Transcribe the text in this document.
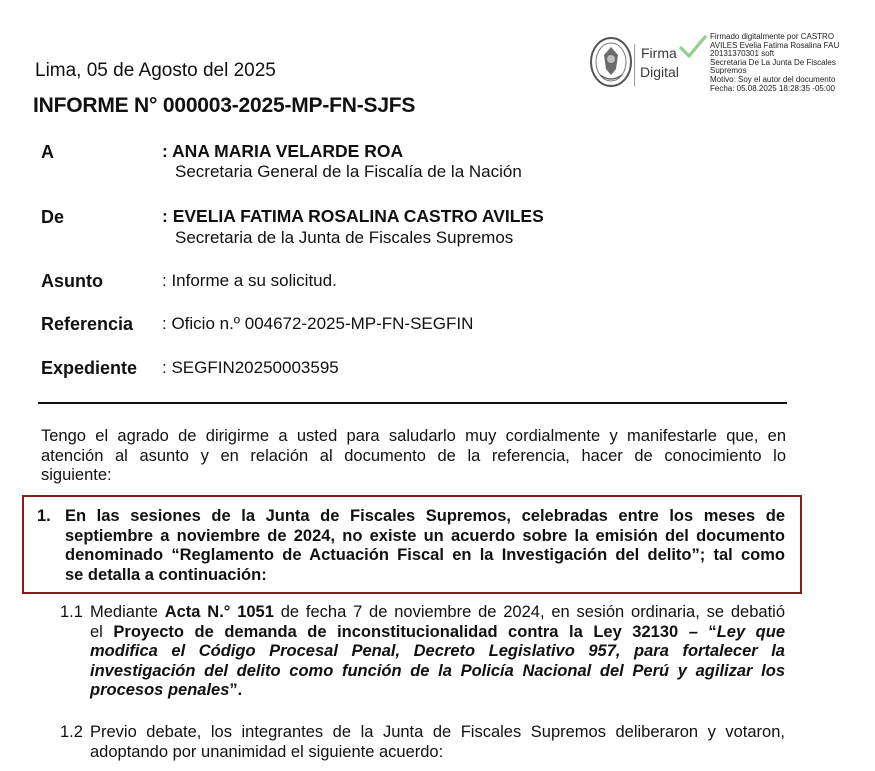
Lima, 05 de Agosto del 2025
INFORME N° 000003-2025-MP-FN-SJFS
Firma
Digital
Firmado digitalmente por CASTRO
AVILES Evelia Fatima Rosalina FAU
20131370301 soft
Secretaria De La Junta De Fiscales
Supremos
Motivo: Soy el autor del documento
Fecha: 05.08.2025 18:28:35 -05:00
A	: ANA MARIA VELARDE ROA
Secretaria General de la Fiscalía de la Nación
De	: EVELIA FATIMA ROSALINA CASTRO AVILES
Secretaria de la Junta de Fiscales Supremos
Asunto	: Informe a su solicitud.
Referencia : Oficio n.º 004672-2025-MP-FN-SEGFIN
Expediente : SEGFIN20250003595
Tengo el agrado de dirigirme a usted para saludarlo muy cordialmente y manifestarle que, en
atención al asunto y en relación al documento de la referencia, hacer de conocimiento lo
siguiente:	​
1. En las sesiones de la Junta de Fiscales Supremos, celebradas entre los meses de
septiembre a noviembre de 2024, no existe un acuerdo sobre la emisión del documento
denominado “Reglamento de Actuación Fiscal en la Investigación del delito”; tal como
se detalla a continuación:
1.1 Mediante Acta N.° 1051 de fecha 7 de noviembre de 2024, en sesión ordinaria, se debatió
el Proyecto de demanda de inconstitucionalidad contra la Ley 32130 – “Ley que
modifica el Código Procesal Penal, Decreto Legislativo 957, para fortalecer la
investigación del delito como función de la Policía Nacional del Perú y agilizar los
procesos penales”.
1.2 Previo debate, los integrantes de la Junta de Fiscales Supremos deliberaron y votaron,
adoptando por unanimidad el siguiente acuerdo:
